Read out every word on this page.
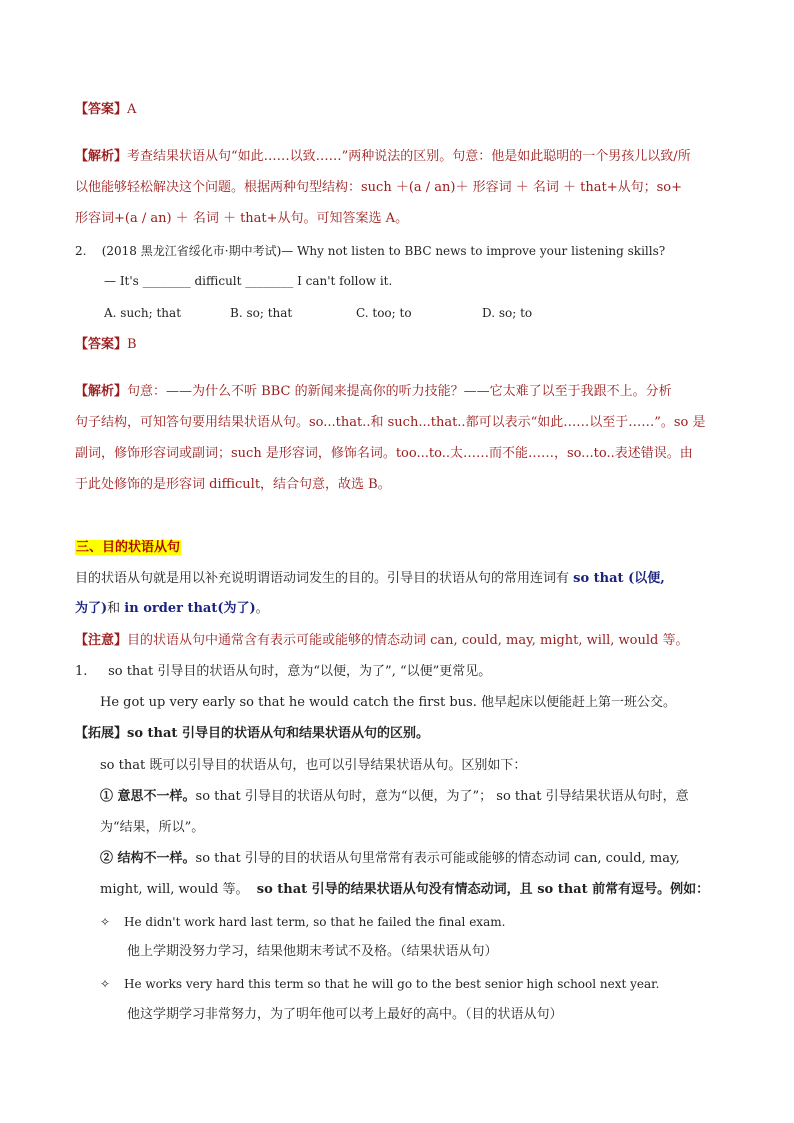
【答案】A
【解析】考查结果状语从句“如此……以致……”两种说法的区别。句意：他是如此聪明的一个男孩儿以致/所
以他能够轻松解决这个问题。根据两种句型结构：such ＋(a / an)＋ 形容词 ＋ 名词 ＋ that+从句；so+
形容词+(a / an) ＋ 名词 ＋ that+从句。可知答案选 A。
2. (2018 黑龙江省绥化市·期中考试)— Why not listen to BBC news to improve your listening skills?
— It's ________ difficult ________ I can't follow it.
A. such; that	B. so; that	C. too; to	D. so; to
【答案】B
【解析】句意：——为什么不听 BBC 的新闻来提高你的听力技能？——它太难了以至于我跟不上。分析
句子结构，可知答句要用结果状语从句。so...that..和 such...that..都可以表示“如此……以至于……”。so 是
副词，修饰形容词或副词；such 是形容词，修饰名词。too...to..太……而不能……，so...to..表述错误。由
于此处修饰的是形容词 difficult，结合句意，故选 B。
三、目的状语从句
目的状语从句就是用以补充说明谓语动词发生的目的。引导目的状语从句的常用连词有 so that (以便,
为了)和 in order that(为了)。
【注意】目的状语从句中通常含有表示可能或能够的情态动词 can, could, may, might, will, would 等。
1. so that 引导目的状语从句时，意为“以便，为了”, “以便”更常见。
He got up very early so that he would catch the first bus. 他早起床以便能赶上第一班公交。
【拓展】so that 引导目的状语从句和结果状语从句的区别。
so that 既可以引导目的状语从句，也可以引导结果状语从句。区别如下：
① 意思不一样。so that 引导目的状语从句时，意为“以便，为了”； so that 引导结果状语从句时，意
为“结果，所以”。
② 结构不一样。so that 引导的目的状语从句里常常有表示可能或能够的情态动词 can, could, may,
might, will, would 等。 so that 引导的结果状语从句没有情态动词，且 so that 前常有逗号。例如：
✧ He didn't work hard last term, so that he failed the final exam.
他上学期没努力学习，结果他期末考试不及格。（结果状语从句）
✧ He works very hard this term so that he will go to the best senior high school next year.
他这学期学习非常努力，为了明年他可以考上最好的高中。（目的状语从句）
